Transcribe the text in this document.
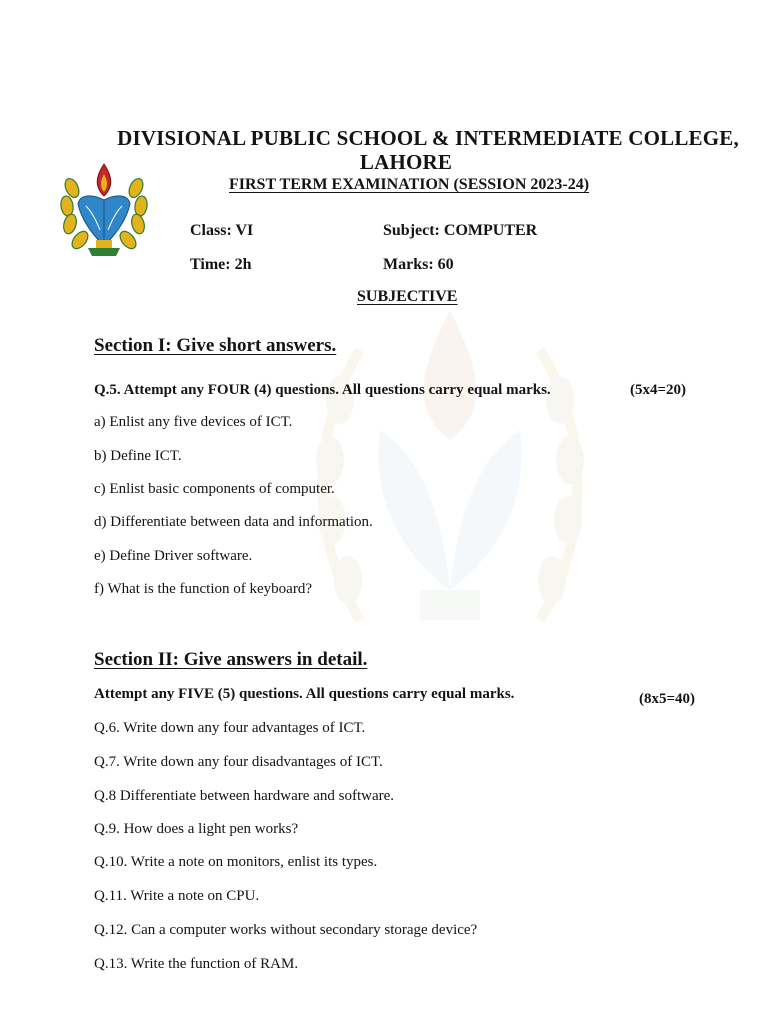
DIVISIONAL PUBLIC SCHOOL & INTERMEDIATE COLLEGE,
LAHORE
FIRST TERM EXAMINATION (SESSION 2023-24)
Class: VI	Subject: COMPUTER
Time: 2h	Marks: 60
SUBJECTIVE
Section I: Give short answers.
Q.5. Attempt any FOUR (4) questions. All questions carry equal marks.	(5x4=20)
a) Enlist any five devices of ICT.
b) Define ICT.
c) Enlist basic components of computer.
d) Differentiate between data and information.
e) Define Driver software.
f) What is the function of keyboard?
Section II: Give answers in detail.
Attempt any FIVE (5) questions. All questions carry equal marks.	(8x5=40)
Q.6. Write down any four advantages of ICT.
Q.7. Write down any four disadvantages of ICT.
Q.8 Differentiate between hardware and software.
Q.9. How does a light pen works?
Q.10. Write a note on monitors, enlist its types.
Q.11. Write a note on CPU.
Q.12. Can a computer works without secondary storage device?
Q.13. Write the function of RAM.
